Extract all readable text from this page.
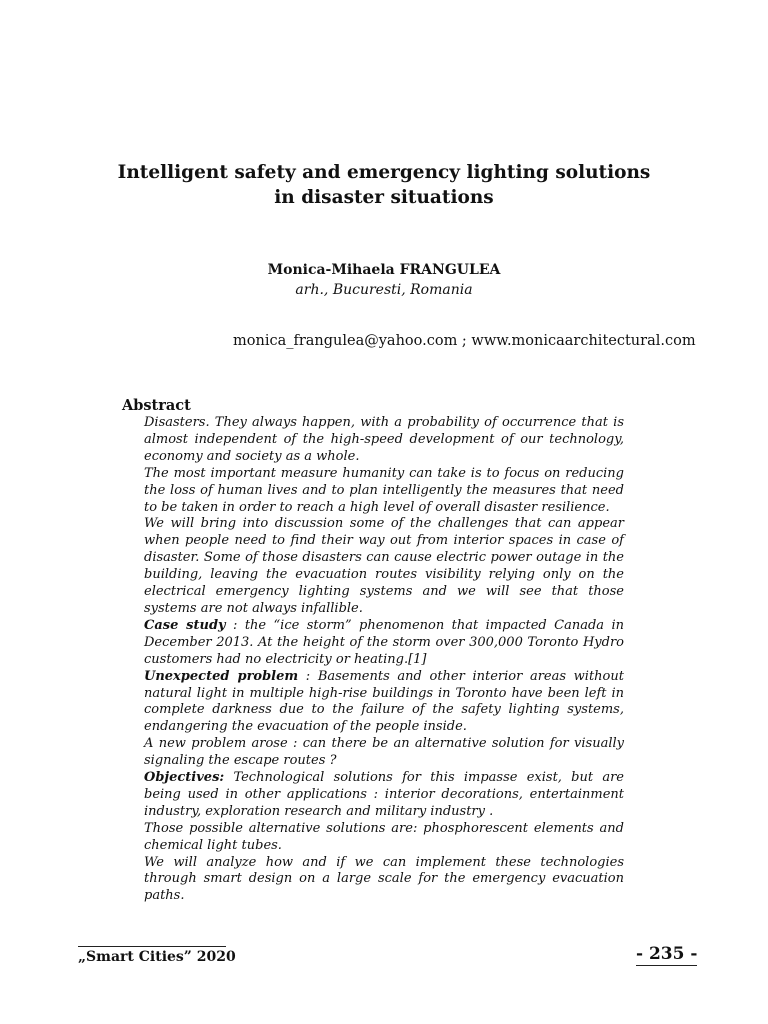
Intelligent safety and emergency lighting solutions
in disaster situations
Monica-Mihaela FRANGULEA
arh., Bucuresti, Romania
monica_frangulea@yahoo.com ; www.monicaarchitectural.com
Abstract

Disasters. They always happen, with a probability of occurrence that is almost independent of the high-speed development of our technology, economy and society as a whole.

The most important measure humanity can take is to focus on reducing the loss of human lives and to plan intelligently the measures that need to be taken in order to reach a high level of overall disaster resilience.

We will bring into discussion some of the challenges that can appear when people need to find their way out from interior spaces in case of disaster. Some of those disasters can cause electric power outage in the building, leaving the evacuation routes visibility relying only on the electrical emergency lighting systems and we will see that those systems are not always infallible.

Case study : the “ice storm” phenomenon that impacted Canada in December 2013. At the height of the storm over 300,000 Toronto Hydro customers had no electricity or heating.[1]

Unexpected problem : Basements and other interior areas without natural light in multiple high-rise buildings in Toronto have been left in complete darkness due to the failure of the safety lighting systems, endangering the evacuation of the people inside.

A new problem arose : can there be an alternative solution for visually signaling the escape routes ?

Objectives: Technological solutions for this impasse exist, but are being used in other applications : interior decorations, entertainment industry, exploration research and military industry .

Those possible alternative solutions are: phosphorescent elements and chemical light tubes.

We will analyze how and if we can implement these technologies through smart design on a large scale for the emergency evacuation paths.

„Smart Cities” 2020	- 235 -
